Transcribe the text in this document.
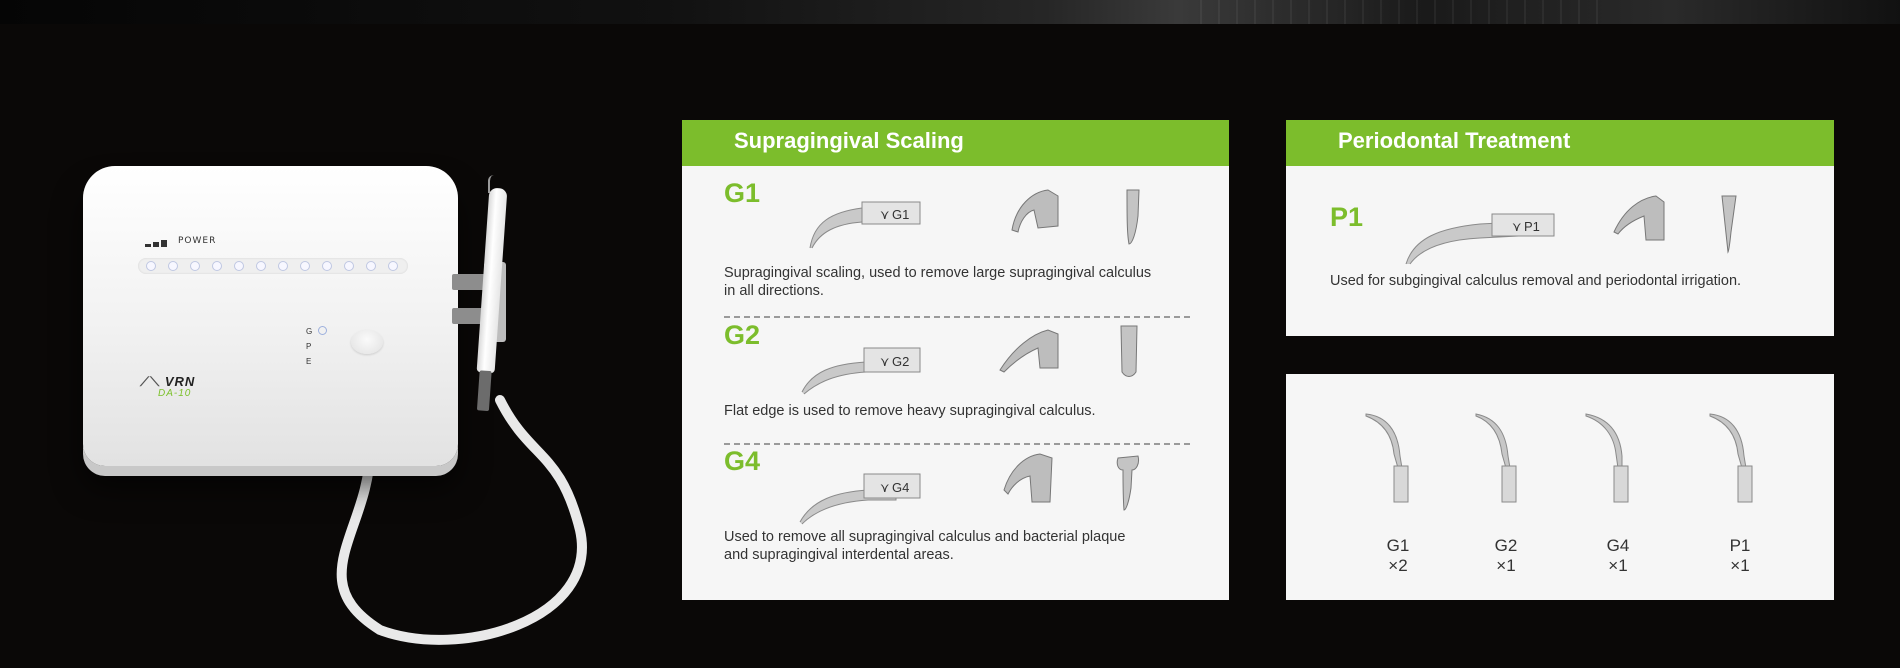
POWER
G
P
E
⟋⟍ VRN
DA-10
Supragingival Scaling
G1
⋎ G1
Supragingival scaling, used to remove large supragingival calculus
in all directions.
G2
⋎ G2
Flat edge is used to remove heavy supragingival calculus.
G4
⋎ G4
Used to remove all supragingival calculus and bacterial plaque
and supragingival interdental areas.
Periodontal Treatment
P1	⋎ P1
Used for subgingival calculus removal and periodontal irrigation.
G1
×2
G2
×1
G4
×1
P1
×1
